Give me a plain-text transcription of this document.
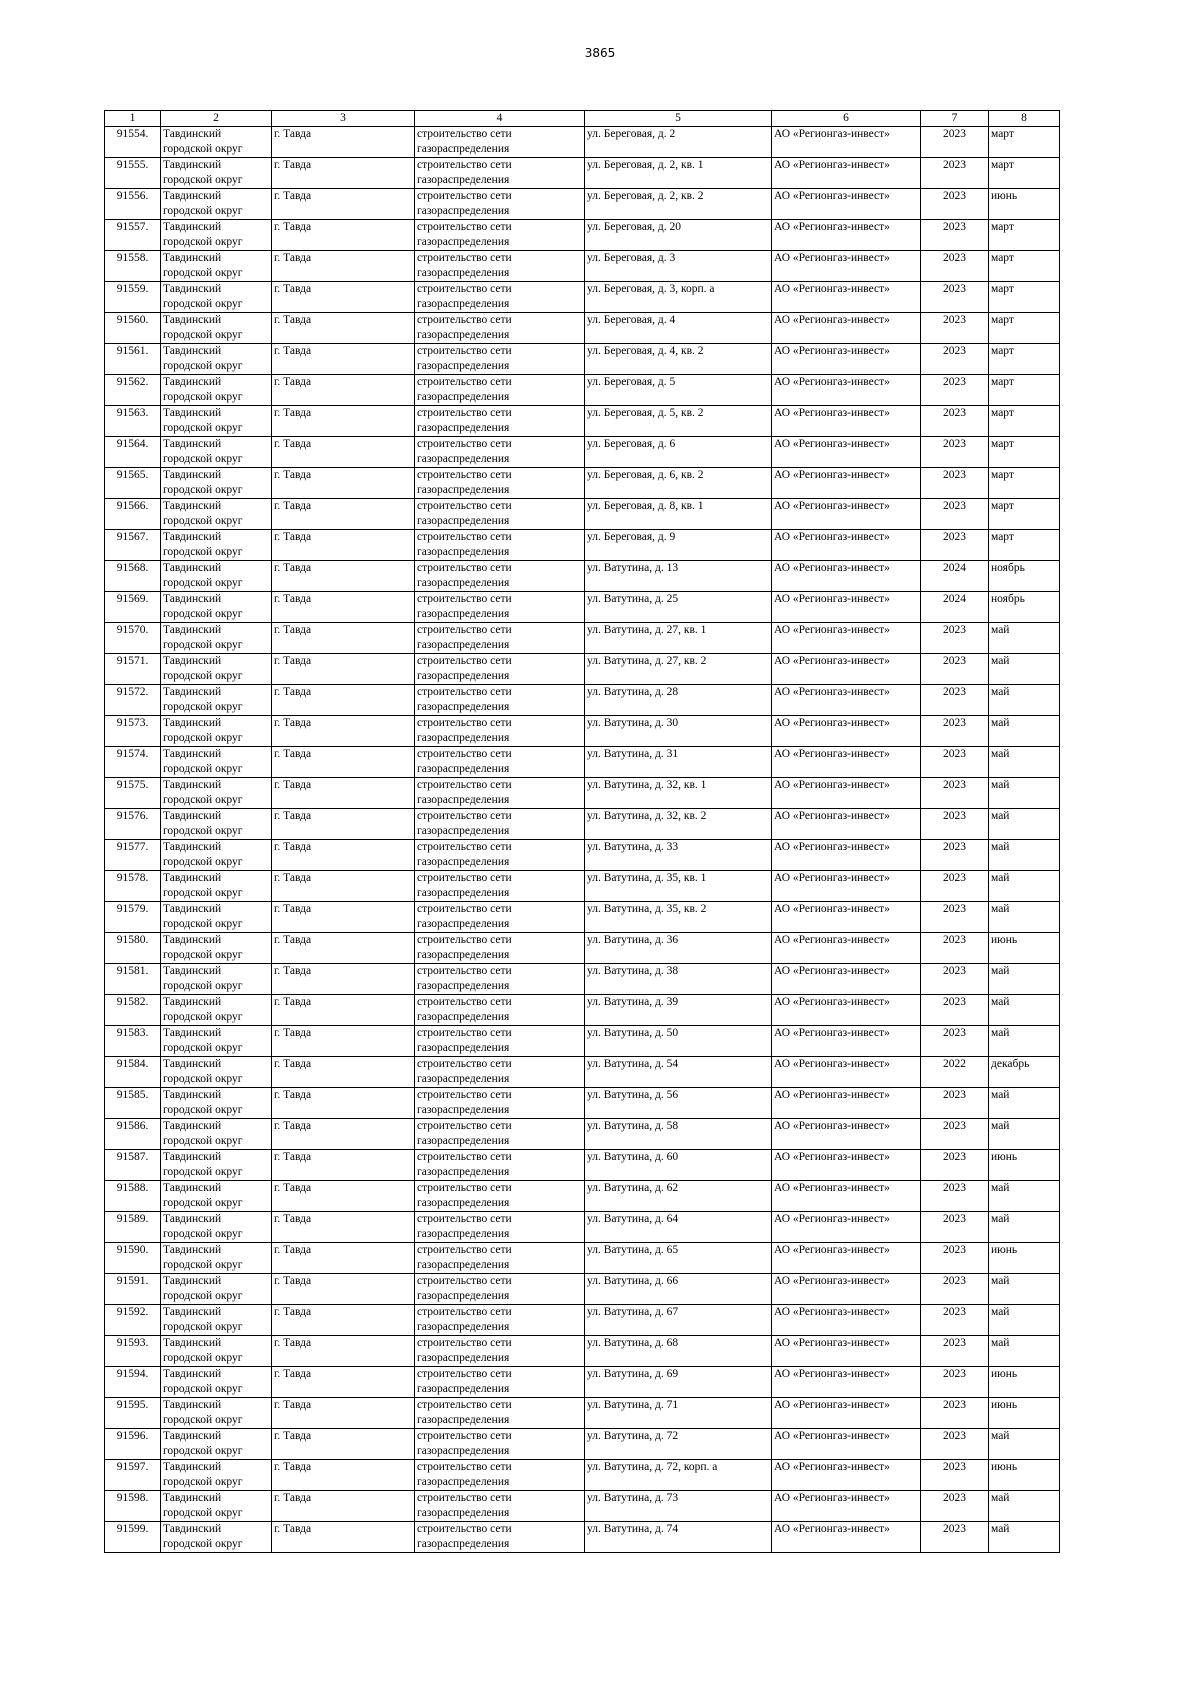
3865
1	2	3	4	5	6	7	8
91554.	Тавдинский городской округ	г. Тавда	строительство сети газораспределения	ул. Береговая, д. 2	АО «Регионгаз-инвест»	2023	март
91555.	Тавдинский городской округ	г. Тавда	строительство сети газораспределения	ул. Береговая, д. 2, кв. 1	АО «Регионгаз-инвест»	2023	март
91556.	Тавдинский городской округ	г. Тавда	строительство сети газораспределения	ул. Береговая, д. 2, кв. 2	АО «Регионгаз-инвест»	2023	июнь
91557.	Тавдинский городской округ	г. Тавда	строительство сети газораспределения	ул. Береговая, д. 20	АО «Регионгаз-инвест»	2023	март
91558.	Тавдинский городской округ	г. Тавда	строительство сети газораспределения	ул. Береговая, д. 3	АО «Регионгаз-инвест»	2023	март
91559.	Тавдинский городской округ	г. Тавда	строительство сети газораспределения	ул. Береговая, д. 3, корп. а	АО «Регионгаз-инвест»	2023	март
91560.	Тавдинский городской округ	г. Тавда	строительство сети газораспределения	ул. Береговая, д. 4	АО «Регионгаз-инвест»	2023	март
91561.	Тавдинский городской округ	г. Тавда	строительство сети газораспределения	ул. Береговая, д. 4, кв. 2	АО «Регионгаз-инвест»	2023	март
91562.	Тавдинский городской округ	г. Тавда	строительство сети газораспределения	ул. Береговая, д. 5	АО «Регионгаз-инвест»	2023	март
91563.	Тавдинский городской округ	г. Тавда	строительство сети газораспределения	ул. Береговая, д. 5, кв. 2	АО «Регионгаз-инвест»	2023	март
91564.	Тавдинский городской округ	г. Тавда	строительство сети газораспределения	ул. Береговая, д. 6	АО «Регионгаз-инвест»	2023	март
91565.	Тавдинский городской округ	г. Тавда	строительство сети газораспределения	ул. Береговая, д. 6, кв. 2	АО «Регионгаз-инвест»	2023	март
91566.	Тавдинский городской округ	г. Тавда	строительство сети газораспределения	ул. Береговая, д. 8, кв. 1	АО «Регионгаз-инвест»	2023	март
91567.	Тавдинский городской округ	г. Тавда	строительство сети газораспределения	ул. Береговая, д. 9	АО «Регионгаз-инвест»	2023	март
91568.	Тавдинский городской округ	г. Тавда	строительство сети газораспределения	ул. Ватутина, д. 13	АО «Регионгаз-инвест»	2024	ноябрь
91569.	Тавдинский городской округ	г. Тавда	строительство сети газораспределения	ул. Ватутина, д. 25	АО «Регионгаз-инвест»	2024	ноябрь
91570.	Тавдинский городской округ	г. Тавда	строительство сети газораспределения	ул. Ватутина, д. 27, кв. 1	АО «Регионгаз-инвест»	2023	май
91571.	Тавдинский городской округ	г. Тавда	строительство сети газораспределения	ул. Ватутина, д. 27, кв. 2	АО «Регионгаз-инвест»	2023	май
91572.	Тавдинский городской округ	г. Тавда	строительство сети газораспределения	ул. Ватутина, д. 28	АО «Регионгаз-инвест»	2023	май
91573.	Тавдинский городской округ	г. Тавда	строительство сети газораспределения	ул. Ватутина, д. 30	АО «Регионгаз-инвест»	2023	май
91574.	Тавдинский городской округ	г. Тавда	строительство сети газораспределения	ул. Ватутина, д. 31	АО «Регионгаз-инвест»	2023	май
91575.	Тавдинский городской округ	г. Тавда	строительство сети газораспределения	ул. Ватутина, д. 32, кв. 1	АО «Регионгаз-инвест»	2023	май
91576.	Тавдинский городской округ	г. Тавда	строительство сети газораспределения	ул. Ватутина, д. 32, кв. 2	АО «Регионгаз-инвест»	2023	май
91577.	Тавдинский городской округ	г. Тавда	строительство сети газораспределения	ул. Ватутина, д. 33	АО «Регионгаз-инвест»	2023	май
91578.	Тавдинский городской округ	г. Тавда	строительство сети газораспределения	ул. Ватутина, д. 35, кв. 1	АО «Регионгаз-инвест»	2023	май
91579.	Тавдинский городской округ	г. Тавда	строительство сети газораспределения	ул. Ватутина, д. 35, кв. 2	АО «Регионгаз-инвест»	2023	май
91580.	Тавдинский городской округ	г. Тавда	строительство сети газораспределения	ул. Ватутина, д. 36	АО «Регионгаз-инвест»	2023	июнь
91581.	Тавдинский городской округ	г. Тавда	строительство сети газораспределения	ул. Ватутина, д. 38	АО «Регионгаз-инвест»	2023	май
91582.	Тавдинский городской округ	г. Тавда	строительство сети газораспределения	ул. Ватутина, д. 39	АО «Регионгаз-инвест»	2023	май
91583.	Тавдинский городской округ	г. Тавда	строительство сети газораспределения	ул. Ватутина, д. 50	АО «Регионгаз-инвест»	2023	май
91584.	Тавдинский городской округ	г. Тавда	строительство сети газораспределения	ул. Ватутина, д. 54	АО «Регионгаз-инвест»	2022	декабрь
91585.	Тавдинский городской округ	г. Тавда	строительство сети газораспределения	ул. Ватутина, д. 56	АО «Регионгаз-инвест»	2023	май
91586.	Тавдинский городской округ	г. Тавда	строительство сети газораспределения	ул. Ватутина, д. 58	АО «Регионгаз-инвест»	2023	май
91587.	Тавдинский городской округ	г. Тавда	строительство сети газораспределения	ул. Ватутина, д. 60	АО «Регионгаз-инвест»	2023	июнь
91588.	Тавдинский городской округ	г. Тавда	строительство сети газораспределения	ул. Ватутина, д. 62	АО «Регионгаз-инвест»	2023	май
91589.	Тавдинский городской округ	г. Тавда	строительство сети газораспределения	ул. Ватутина, д. 64	АО «Регионгаз-инвест»	2023	май
91590.	Тавдинский городской округ	г. Тавда	строительство сети газораспределения	ул. Ватутина, д. 65	АО «Регионгаз-инвест»	2023	июнь
91591.	Тавдинский городской округ	г. Тавда	строительство сети газораспределения	ул. Ватутина, д. 66	АО «Регионгаз-инвест»	2023	май
91592.	Тавдинский городской округ	г. Тавда	строительство сети газораспределения	ул. Ватутина, д. 67	АО «Регионгаз-инвест»	2023	май
91593.	Тавдинский городской округ	г. Тавда	строительство сети газораспределения	ул. Ватутина, д. 68	АО «Регионгаз-инвест»	2023	май
91594.	Тавдинский городской округ	г. Тавда	строительство сети газораспределения	ул. Ватутина, д. 69	АО «Регионгаз-инвест»	2023	июнь
91595.	Тавдинский городской округ	г. Тавда	строительство сети газораспределения	ул. Ватутина, д. 71	АО «Регионгаз-инвест»	2023	июнь
91596.	Тавдинский городской округ	г. Тавда	строительство сети газораспределения	ул. Ватутина, д. 72	АО «Регионгаз-инвест»	2023	май
91597.	Тавдинский городской округ	г. Тавда	строительство сети газораспределения	ул. Ватутина, д. 72, корп. а	АО «Регионгаз-инвест»	2023	июнь
91598.	Тавдинский городской округ	г. Тавда	строительство сети газораспределения	ул. Ватутина, д. 73	АО «Регионгаз-инвест»	2023	май
91599.	Тавдинский городской округ	г. Тавда	строительство сети газораспределения	ул. Ватутина, д. 74	АО «Регионгаз-инвест»	2023	май
